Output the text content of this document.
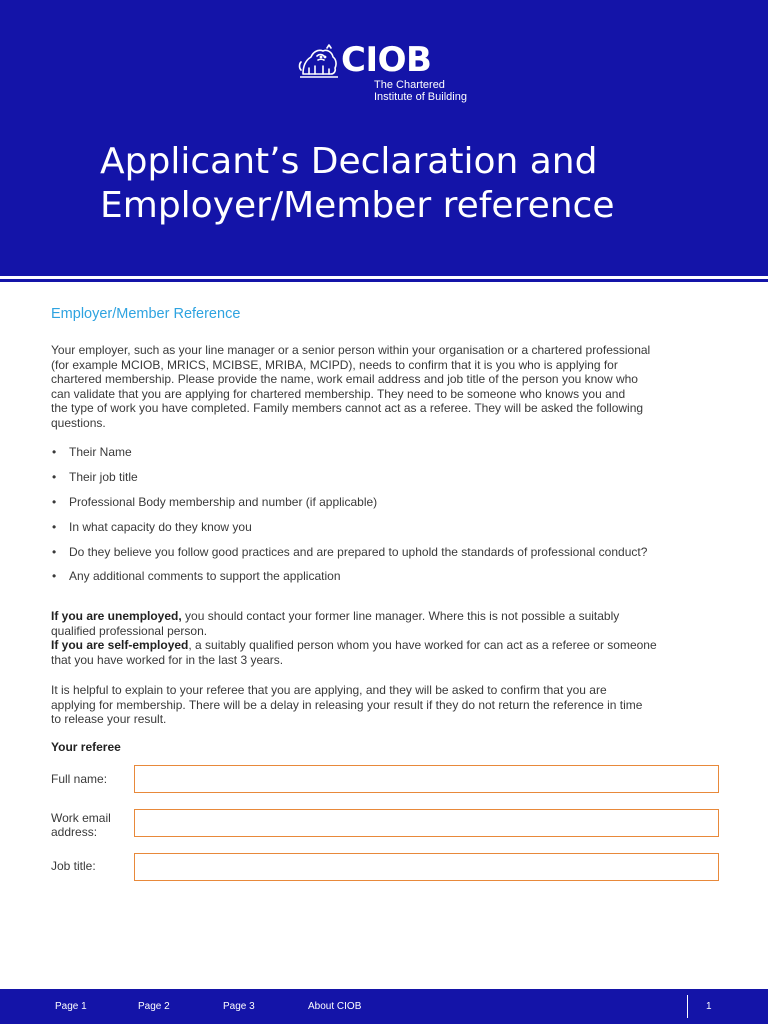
CIOB
The Chartered
Institute of Building
Applicant’s Declaration and
Employer/Member reference
Employer/Member Reference
Your employer, such as your line manager or a senior person within your organisation or a chartered professional
(for example MCIOB, MRICS, MCIBSE, MRIBA, MCIPD), needs to confirm that it is you who is applying for
chartered membership. Please provide the name, work email address and job title of the person you know who
can validate that you are applying for chartered membership. They need to be someone who knows you and
the type of work you have completed. Family members cannot act as a referee. They will be asked the following
questions.
• Their Name
• Their job title
• Professional Body membership and number (if applicable)
• In what capacity do they know you
• Do they believe you follow good practices and are prepared to uphold the standards of professional conduct?
• Any additional comments to support the application
If you are unemployed, you should contact your former line manager. Where this is not possible a suitably
qualified professional person.
If you are self-employed, a suitably qualified person whom you have worked for can act as a referee or someone
that you have worked for in the last 3 years.
It is helpful to explain to your referee that you are applying, and they will be asked to confirm that you are
applying for membership. There will be a delay in releasing your result if they do not return the reference in time
to release your result.
Your referee
Full name:
Work email
address:
Job title:
Page 1	Page 2	Page 3	About CIOB	1
